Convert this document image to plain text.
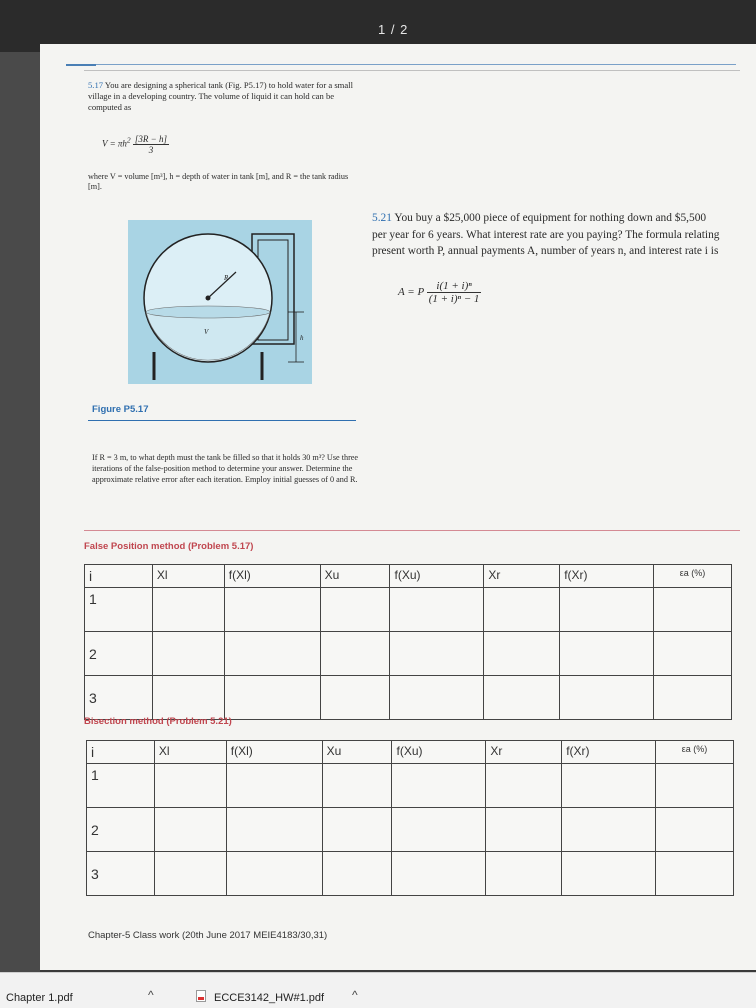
1 / 2
5.17 You are designing a spherical tank (Fig. P5.17) to hold water for a small village in a developing country. The volume of liquid it can hold can be computed as
$V = \pi h^2 \frac{[3R - h]}{3}$
where V = volume [m³], h = depth of water in tank [m], and R = the tank radius [m].
R
V
h
Figure P5.17
If R = 3 m, to what depth must the tank be filled so that it holds 30 m³? Use three iterations of the false-position method to determine your answer. Determine the approximate relative error after each iteration. Employ initial guesses of 0 and R.
5.21 You buy a $25,000 piece of equipment for nothing down and $5,500 per year for 6 years. What interest rate are you paying? The formula relating present worth P, annual payments A, number of years n, and interest rate i is
A = P $\frac{\text{i(1 + i)ⁿ}}{\text{(1 + i)ⁿ − 1}}$
False Position method (Problem 5.17)
i	Xl	f(Xl)	Xu	f(Xu)	Xr	f(Xr)	εa (%)
1							
2							
3							
Bisection method (Problem 5.21)
i	Xl	f(Xl)	Xu	f(Xu)	Xr	f(Xr)	εa (%)
1							
2							
3							
Chapter-5 Class work (20th June 2017 MEIE4183/30,31)
Chapter 1.pdf	^	ECCE3142_HW#1.pdf ^
